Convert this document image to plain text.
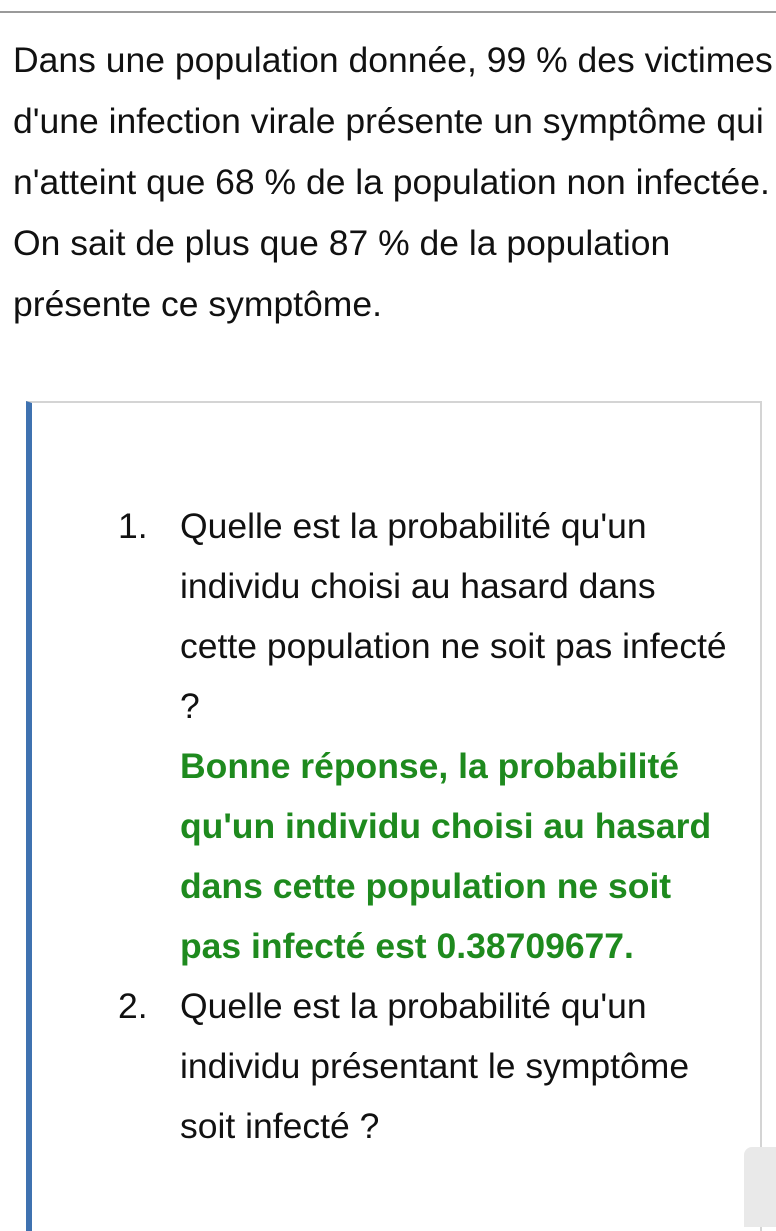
Dans une population donnée, 99 % des victimes d'une infection virale présente un symptôme qui n'atteint que 68 % de la population non infectée. On sait de plus que 87 % de la population présente ce symptôme.

1. Quelle est la probabilité qu'un individu choisi au hasard dans cette population ne soit pas infecté ?
Bonne réponse, la probabilité qu'un individu choisi au hasard dans cette population ne soit pas infecté est 0.38709677.
2. Quelle est la probabilité qu'un individu présentant le symptôme soit infecté ?
